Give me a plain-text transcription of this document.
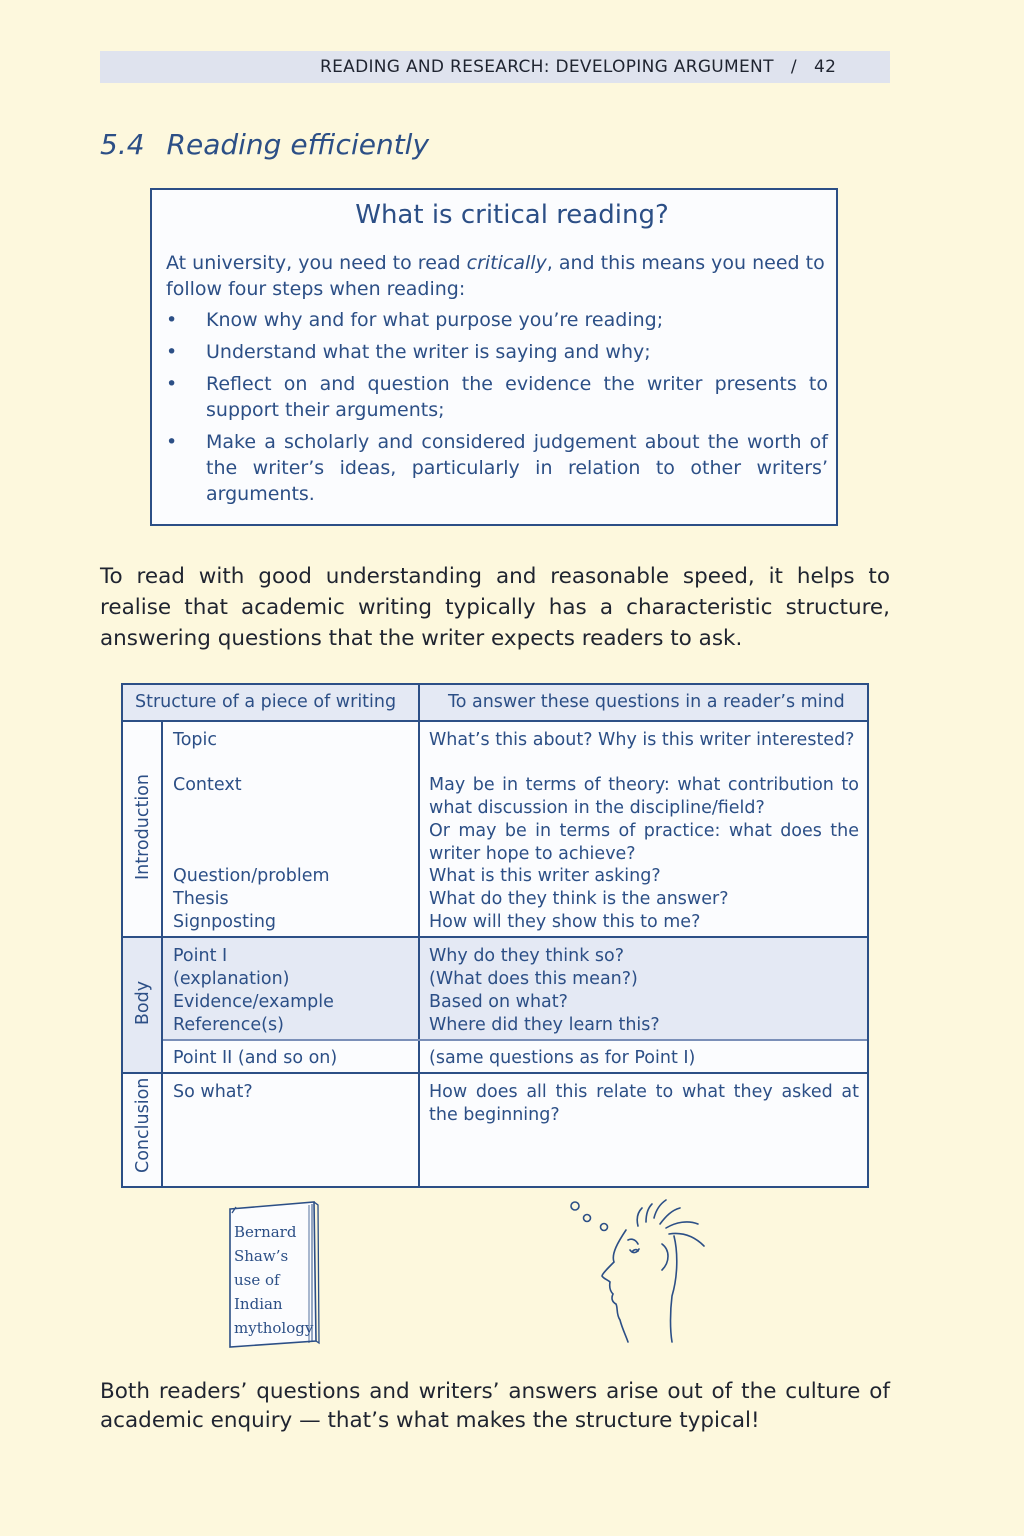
READING AND RESEARCH: DEVELOPING ARGUMENT / 42
5.4 Reading efficiently
What is critical reading?
At university, you need to read critically, and this means you need to follow four steps when reading:
• Know why and for what purpose you’re reading;
• Understand what the writer is saying and why;
• Reflect on and question the evidence the writer presents to support their arguments;
• Make a scholarly and considered judgement about the worth of the writer’s ideas, particularly in relation to other writers’ arguments.
To read with good understanding and reasonable speed, it helps to realise that academic writing typically has a characteristic structure, answering questions that the writer expects readers to ask.
Structure of a piece of writing	To answer these questions in a reader’s mind
Introduction
Body
Conclusion
Topic
Context
Question/problem
Thesis
Signposting
What’s this about? Why is this writer interested?
May be in terms of theory: what contribution to what discussion in the discipline/field?
Or may be in terms of practice: what does the writer hope to achieve?
What is this writer asking?
What do they think is the answer?
How will they show this to me?
Point I
(explanation)
Evidence/example
Reference(s)
Point II (and so on)
Why do they think so?
(What does this mean?)
Based on what?
Where did they learn this?
(same questions as for Point I)
So what?	How does all this relate to what they asked at the beginning?
Bernard
Shaw’s
use of
Indian
mythology
Both readers’ questions and writers’ answers arise out of the culture of academic enquiry — that’s what makes the structure typical!
